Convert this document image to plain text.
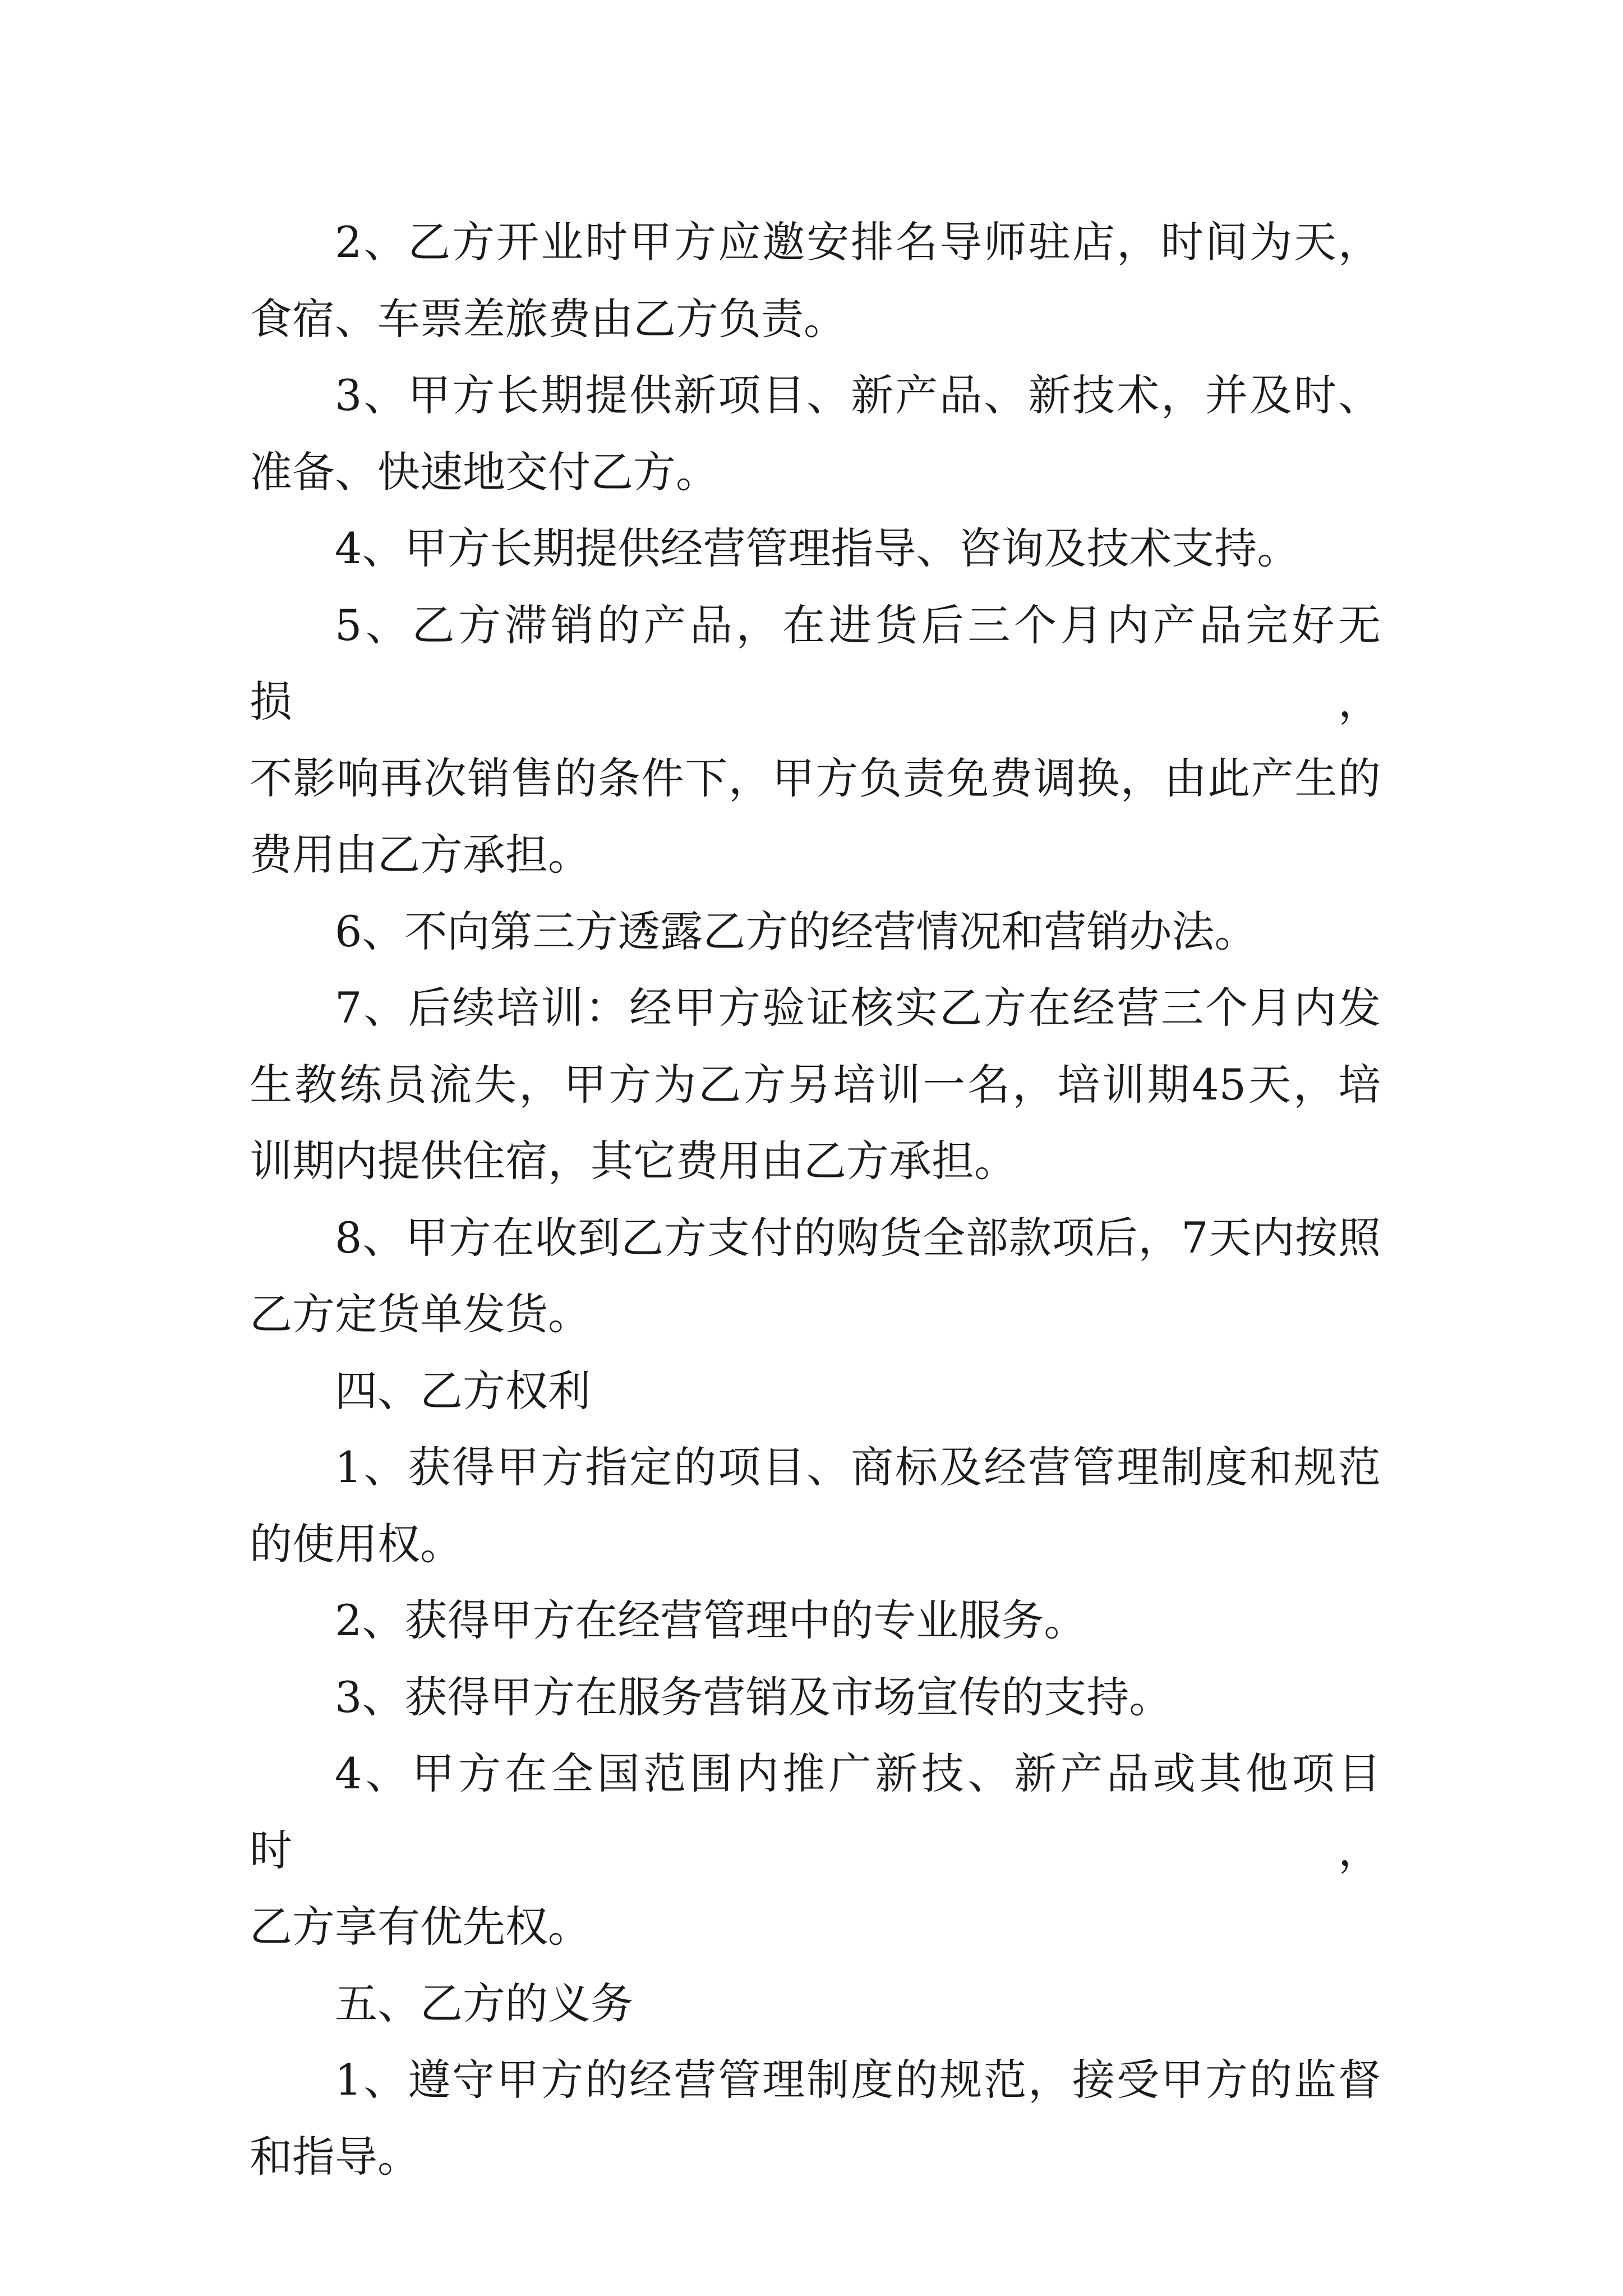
2、乙方开业时甲方应邀安排名导师驻店，时间为天，
食宿、车票差旅费由乙方负责。
3、甲方长期提供新项目、新产品、新技术，并及时、
准备、快速地交付乙方。
4、甲方长期提供经营管理指导、咨询及技术支持。
5、乙方滞销的产品，在进货后三个月内产品完好无损，
不影响再次销售的条件下，甲方负责免费调换，由此产生的
费用由乙方承担。
6、不向第三方透露乙方的经营情况和营销办法。
7、后续培训：经甲方验证核实乙方在经营三个月内发
生教练员流失，甲方为乙方另培训一名，培训期45天，培
训期内提供住宿，其它费用由乙方承担。
8、甲方在收到乙方支付的购货全部款项后，7天内按照
乙方定货单发货。
四、乙方权利
1、获得甲方指定的项目、商标及经营管理制度和规范
的使用权。
2、获得甲方在经营管理中的专业服务。
3、获得甲方在服务营销及市场宣传的支持。
4、甲方在全国范围内推广新技、新产品或其他项目时，
乙方享有优先权。
五、乙方的义务
1、遵守甲方的经营管理制度的规范，接受甲方的监督
和指导。
